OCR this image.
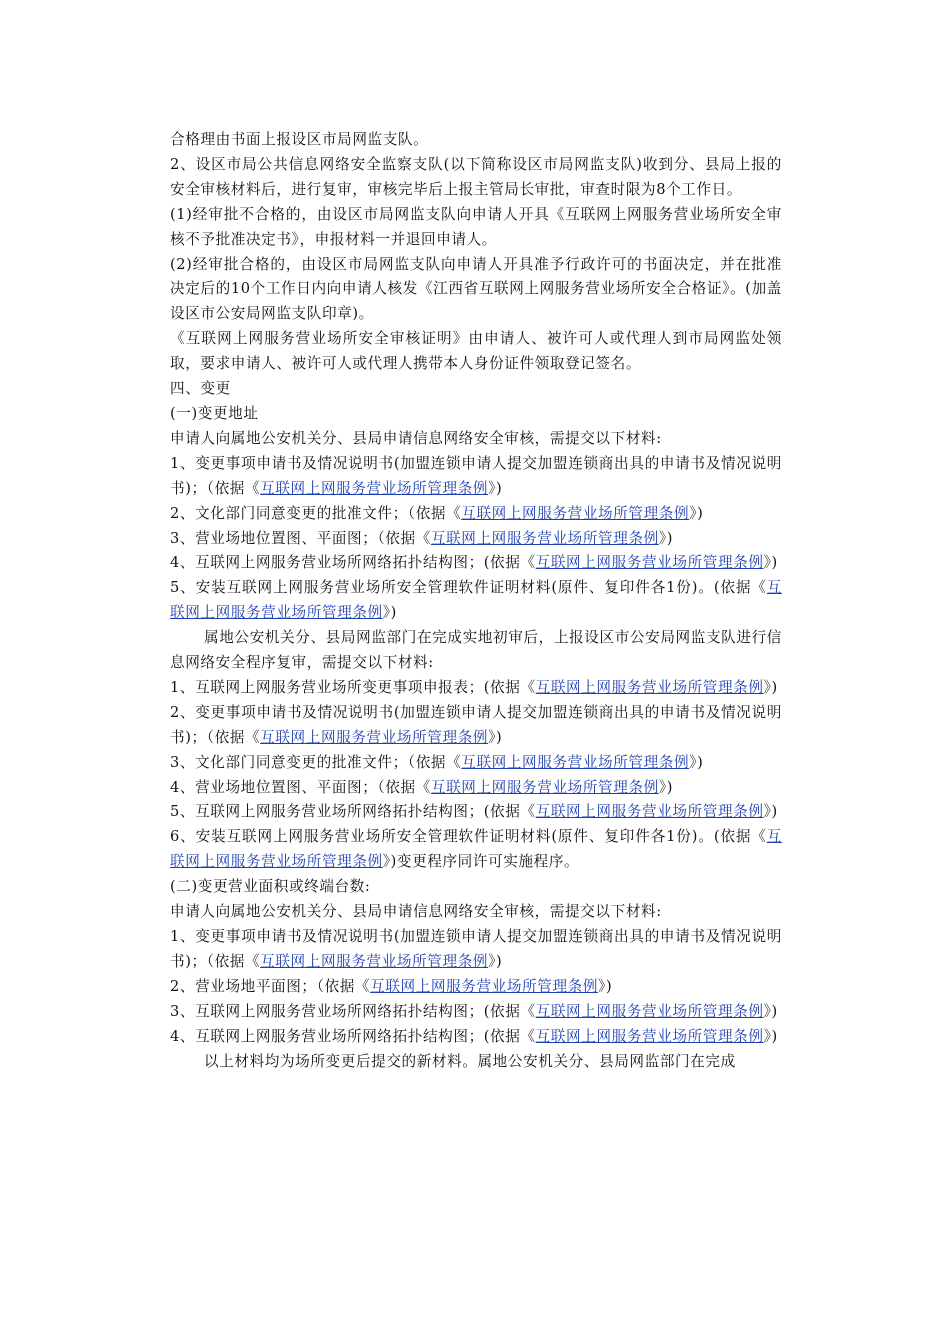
合格理由书面上报设区市局网监支队。

2、设区市局公共信息网络安全监察支队(以下简称设区市局网监支队)收到分、县局上报的安全审核材料后，进行复审，审核完毕后上报主管局长审批，审查时限为8个工作日。

(1)经审批不合格的，由设区市局网监支队向申请人开具《互联网上网服务营业场所安全审核不予批准决定书》，申报材料一并退回申请人。

(2)经审批合格的，由设区市局网监支队向申请人开具准予行政许可的书面决定，并在批准决定后的10个工作日内向申请人核发《江西省互联网上网服务营业场所安全合格证》。(加盖设区市公安局网监支队印章)。

《互联网上网服务营业场所安全审核证明》由申请人、被许可人或代理人到市局网监处领取，要求申请人、被许可人或代理人携带本人身份证件领取登记签名。

四、变更

(一)变更地址

申请人向属地公安机关分、县局申请信息网络安全审核，需提交以下材料:

1、变更事项申请书及情况说明书(加盟连锁申请人提交加盟连锁商出具的申请书及情况说明书)；（依据《互联网上网服务营业场所管理条例》)

2、文化部门同意变更的批准文件；（依据《互联网上网服务营业场所管理条例》)

3、营业场地位置图、平面图；（依据《互联网上网服务营业场所管理条例》)

4、互联网上网服务营业场所网络拓扑结构图；(依据《互联网上网服务营业场所管理条例》)

5、安装互联网上网服务营业场所安全管理软件证明材料(原件、复印件各1份)。(依据《互联网上网服务营业场所管理条例》)

属地公安机关分、县局网监部门在完成实地初审后，上报设区市公安局网监支队进行信息网络安全程序复审，需提交以下材料:

1、互联网上网服务营业场所变更事项申报表；(依据《互联网上网服务营业场所管理条例》)

2、变更事项申请书及情况说明书(加盟连锁申请人提交加盟连锁商出具的申请书及情况说明书)；（依据《互联网上网服务营业场所管理条例》)

3、文化部门同意变更的批准文件；（依据《互联网上网服务营业场所管理条例》)

4、营业场地位置图、平面图；（依据《互联网上网服务营业场所管理条例》)

5、互联网上网服务营业场所网络拓扑结构图；(依据《互联网上网服务营业场所管理条例》)

6、安装互联网上网服务营业场所安全管理软件证明材料(原件、复印件各1份)。(依据《互联网上网服务营业场所管理条例》)变更程序同许可实施程序。

(二)变更营业面积或终端台数:

申请人向属地公安机关分、县局申请信息网络安全审核，需提交以下材料:

1、变更事项申请书及情况说明书(加盟连锁申请人提交加盟连锁商出具的申请书及情况说明书)；（依据《互联网上网服务营业场所管理条例》)

2、营业场地平面图；（依据《互联网上网服务营业场所管理条例》)

3、互联网上网服务营业场所网络拓扑结构图；(依据《互联网上网服务营业场所管理条例》)

4、互联网上网服务营业场所网络拓扑结构图；(依据《互联网上网服务营业场所管理条例》)

以上材料均为场所变更后提交的新材料。属地公安机关分、县局网监部门在完成
